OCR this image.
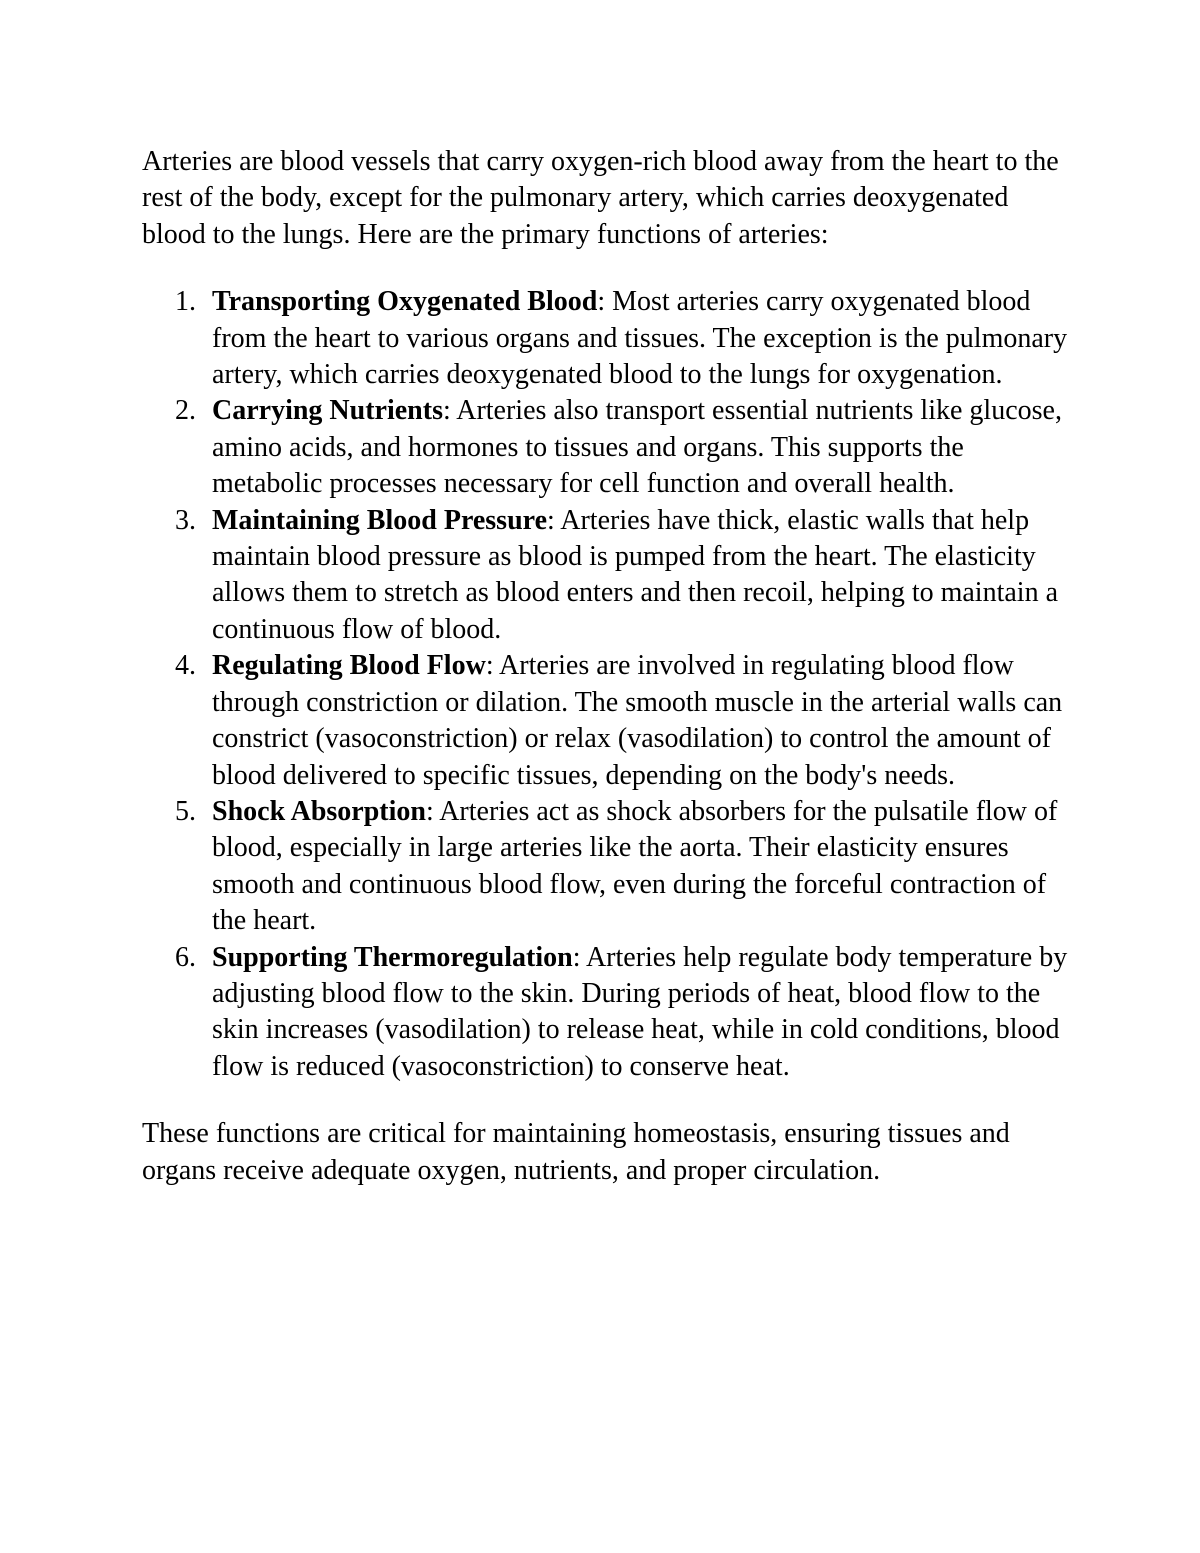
Arteries are blood vessels that carry oxygen-rich blood away from the heart to the rest of the body, except for the pulmonary artery, which carries deoxygenated blood to the lungs. Here are the primary functions of arteries:

1. Transporting Oxygenated Blood: Most arteries carry oxygenated blood from the heart to various organs and tissues. The exception is the pulmonary artery, which carries deoxygenated blood to the lungs for oxygenation.
2. Carrying Nutrients: Arteries also transport essential nutrients like glucose, amino acids, and hormones to tissues and organs. This supports the metabolic processes necessary for cell function and overall health.
3. Maintaining Blood Pressure: Arteries have thick, elastic walls that help maintain blood pressure as blood is pumped from the heart. The elasticity allows them to stretch as blood enters and then recoil, helping to maintain a continuous flow of blood.
4. Regulating Blood Flow: Arteries are involved in regulating blood flow through constriction or dilation. The smooth muscle in the arterial walls can constrict (vasoconstriction) or relax (vasodilation) to control the amount of blood delivered to specific tissues, depending on the body's needs.
5. Shock Absorption: Arteries act as shock absorbers for the pulsatile flow of blood, especially in large arteries like the aorta. Their elasticity ensures smooth and continuous blood flow, even during the forceful contraction of the heart.
6. Supporting Thermoregulation: Arteries help regulate body temperature by adjusting blood flow to the skin. During periods of heat, blood flow to the skin increases (vasodilation) to release heat, while in cold conditions, blood flow is reduced (vasoconstriction) to conserve heat.

These functions are critical for maintaining homeostasis, ensuring tissues and organs receive adequate oxygen, nutrients, and proper circulation.
